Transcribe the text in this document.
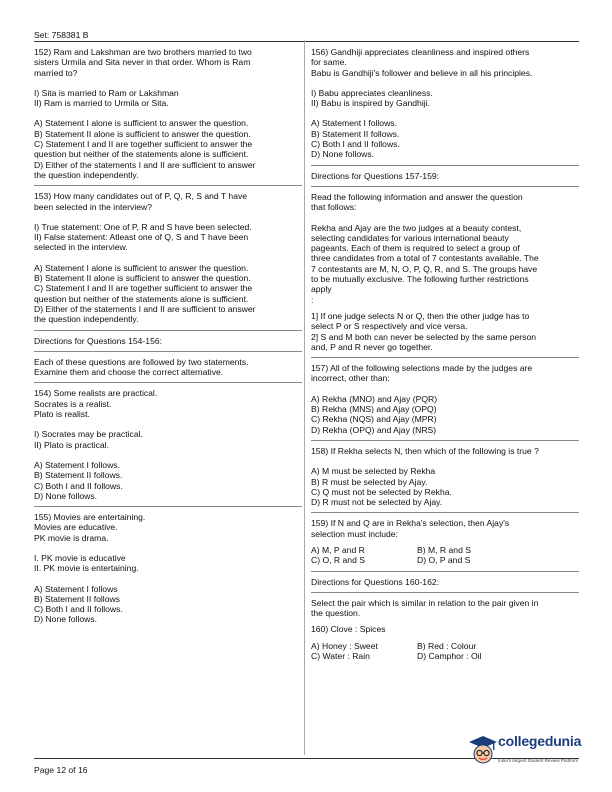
Set: 758381 B

152) Ram and Lakshman are two brothers married to two

sisters Urmila and Sita never in that order. Whom is Ram

married to?

I) Sita is married to Ram or Lakshman

II) Ram is married to Urmila or Sita.

A) Statement I alone is sufficient to answer the question.

B) Statement II alone is sufficient to answer the question.

C) Statement I and II are together sufficient to answer the

question but neither of the statements alone is sufficient.

D) Either of the statements I and II are sufficient to answer

the question independently.

153) How many candidates out of P, Q, R, S and T have

been selected in the interview?

I) True statement: One of P, R and S have been selected.

II) False statement: Atleast one of Q, S and T have been

selected in the interview.

A) Statement I alone is sufficient to answer the question.

B) Statement II alone is sufficient to answer the question.

C) Statement I and II are together sufficient to answer the

question but neither of the statements alone is sufficient.

D) Either of the statements I and II are sufficient to answer

the question independently.

Directions for Questions 154-156:

Each of these questions are followed by two statements.

Examine them and choose the correct alternative.

154) Some realists are practical.

Socrates is a realist.

Plato is realist.

I) Socrates may be practical.

II) Plato is practical.

A) Statement I follows.

B) Statement II follows.

C) Both I and II follows.

D) None follows.

155) Movies are entertaining.

Movies are educative.

PK movie is drama.

I. PK movie is educative

II. PK movie is entertaining.

A) Statement I follows

B) Statement II follows

C) Both I and II follows.

D) None follows.

156) Gandhiji appreciates cleanliness and inspired others

for same.

Babu is Gandhiji's follower and believe in all his principles.

I) Babu appreciates cleanliness.

II) Babu is inspired by Gandhiji.

A) Statement I follows.

B) Statement II follows.

C) Both I and II follows.

D) None follows.

Directions for Questions 157-159:

Read the following information and answer the question

that follows:

Rekha and Ajay are the two judges at a beauty contest,

selecting candidates for various international beauty

pageants. Each of them is required to select a group of

three candidates from a total of 7 contestants available. The

7 contestants are M, N, O, P, Q, R, and S. The groups have

to be mutually exclusive. The following further restrictions

apply

:

1] If one judge selects N or Q, then the other judge has to

select P or S respectively and vice versa.

2] S and M both can never be selected by the same person

and, P and R never go together.

157) All of the following selections made by the judges are

incorrect, other than:

A) Rekha (MNO) and Ajay (PQR)

B) Rekha (MNS) and Ajay (OPQ)

C) Rekha (NQS) and Ajay (MPR)

D) Rekha (OPQ) and Ajay (NRS)

158) If Rekha selects N, then which of the following is true ?

A) M must be selected by Rekha

B) R must be selected by Ajay.

C) Q must not be selected by Rekha.

D) R must not be selected by Ajay.

159) If N and Q are in Rekha's selection, then Ajay's

selection must include:

A) M, P and R	B) M, R and S
C) O, R and S	D) O, P and S

Directions for Questions 160-162:

Select the pair which is similar in relation to the pair given in

the question.

160) Clove : Spices

A) Honey : Sweet	B) Red : Colour
C) Water : Rain	D) Camphor : Oil
Page 12 of 16
collegedunia
India's largest Student Review Platform
